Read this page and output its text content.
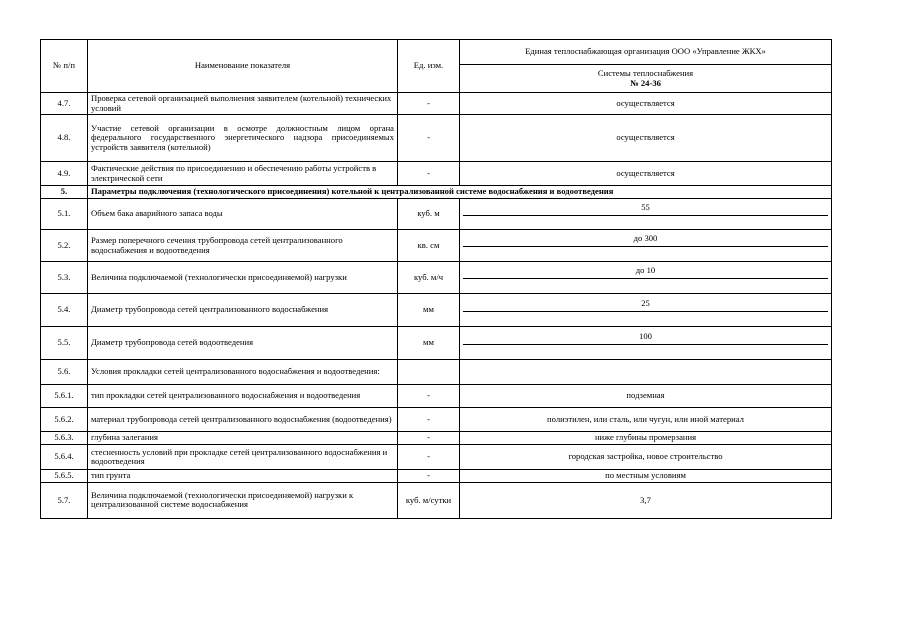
№ п/п	Наименование показателя	Ед. изм.	Единая теплоснабжающая организация ООО «Управление ЖКХ»

			Системы теплоснабжения
№ 24-36

4.7.	Проверка сетевой организацией выполнения заявителем (котельной) технических условий	-	осуществляется
4.8.	Участие сетевой организации в осмотре должностным лицом органа федерального государственного энергетического надзора присоединяемых устройств заявителя (котельной)	-	осуществляется
4.9.	Фактические действия по присоединению и обеспечению работы устройств в электрической сети	-	осуществляется
5.	Параметры подключения (технологического присоединения) котельной к централизованной системе водоснабжения и водоотведения		
5.1.	Объем бака аварийного запаса воды	куб. м	55

5.2.	Размер поперечного сечения трубопровода сетей централизованного водоснабжения и водоотведения	кв. см	до 300

5.3.	Величина подключаемой (технологически присоединяемой) нагрузки	куб. м/ч	до 10

5.4.	Диаметр трубопровода сетей централизованного водоснабжения	мм	25

5.5.	Диаметр трубопровода сетей водоотведения	мм	100

5.6.	Условия прокладки сетей централизованного водоснабжения и водоотведения:		
5.6.1.	тип прокладки сетей централизованного водоснабжения и водоотведения	-	подземная
5.6.2.	материал трубопровода сетей централизованного водоснабжения (водоотведения)	-	полиэтилен, или сталь, или чугун, или иной материал
5.6.3.	глубина залегания	-	ниже глубины промерзания
5.6.4.	стесненность условий при прокладке сетей централизованного водоснабжения и водоотведения	-	городская застройка, новое строительство
5.6.5.	тип грунта	-	по местным условиям
5.7.	Величина подключаемой (технологически присоединяемой) нагрузки к централизованной системе водоснабжения	куб. м/сутки	3,7
